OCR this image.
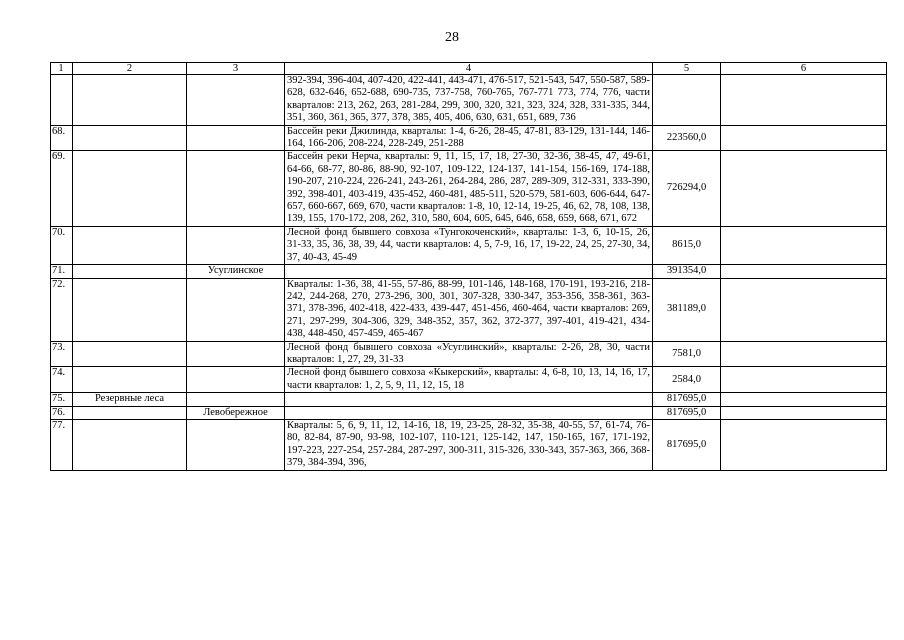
28
1	2	3	4	5	6
			392-394, 396-404, 407-420, 422-441, 443-471, 476-517, 521-543, 547, 550-587, 589-628, 632-646, 652-688, 690-735, 737-758, 760-765, 767-771 773, 774, 776, части кварталов: 213, 262, 263, 281-284, 299, 300, 320, 321, 323, 324, 328, 331-335, 344, 351, 360, 361, 365, 377, 378, 385, 405, 406, 630, 631, 651, 689, 736		
68.			Бассейн реки Джилинда, кварталы: 1-4, 6-26, 28-45, 47-81, 83-129, 131-144, 146-164, 166-206, 208-224, 228-249, 251-288	223560,0	
69.			Бассейн реки Нерча, кварталы: 9, 11, 15, 17, 18, 27-30, 32-36, 38-45, 47, 49-61, 64-66, 68-77, 80-86, 88-90, 92-107, 109-122, 124-137, 141-154, 156-169, 174-188, 190-207, 210-224, 226-241, 243-261, 264-284, 286, 287, 289-309, 312-331, 333-390, 392, 398-401, 403-419, 435-452, 460-481, 485-511, 520-579, 581-603, 606-644, 647-657, 660-667, 669, 670, части кварталов: 1-8, 10, 12-14, 19-25, 46, 62, 78, 108, 138, 139, 155, 170-172, 208, 262, 310, 580, 604, 605, 645, 646, 658, 659, 668, 671, 672	726294,0	
70.			Лесной фонд бывшего совхоза «Тунгокоченский», кварталы: 1-3, 6, 10-15, 26, 31-33, 35, 36, 38, 39, 44, части кварталов: 4, 5, 7-9, 16, 17, 19-22, 24, 25, 27-30, 34, 37, 40-43, 45-49	8615,0	
71.		Усуглинское		391354,0	
72.			Кварталы: 1-36, 38, 41-55, 57-86, 88-99, 101-146, 148-168, 170-191, 193-216, 218-242, 244-268, 270, 273-296, 300, 301, 307-328, 330-347, 353-356, 358-361, 363-371, 378-396, 402-418, 422-433, 439-447, 451-456, 460-464, части кварталов: 269, 271, 297-299, 304-306, 329, 348-352, 357, 362, 372-377, 397-401, 419-421, 434-438, 448-450, 457-459, 465-467	381189,0	
73.			Лесной фонд бывшего совхоза «Усуглинский», кварталы: 2-26, 28, 30, части кварталов: 1, 27, 29, 31-33	7581,0	
74.			Лесной фонд бывшего совхоза «Кыкерский», кварталы: 4, 6-8, 10, 13, 14, 16, 17, части кварталов: 1, 2, 5, 9, 11, 12, 15, 18	2584,0	
75.	Резервные леса			817695,0	
76.		Левобережное		817695,0	
77.			Кварталы: 5, 6, 9, 11, 12, 14-16, 18, 19, 23-25, 28-32, 35-38, 40-55, 57, 61-74, 76-80, 82-84, 87-90, 93-98, 102-107, 110-121, 125-142, 147, 150-165, 167, 171-192, 197-223, 227-254, 257-284, 287-297, 300-311, 315-326, 330-343, 357-363, 366, 368-379, 384-394, 396,	817695,0	
